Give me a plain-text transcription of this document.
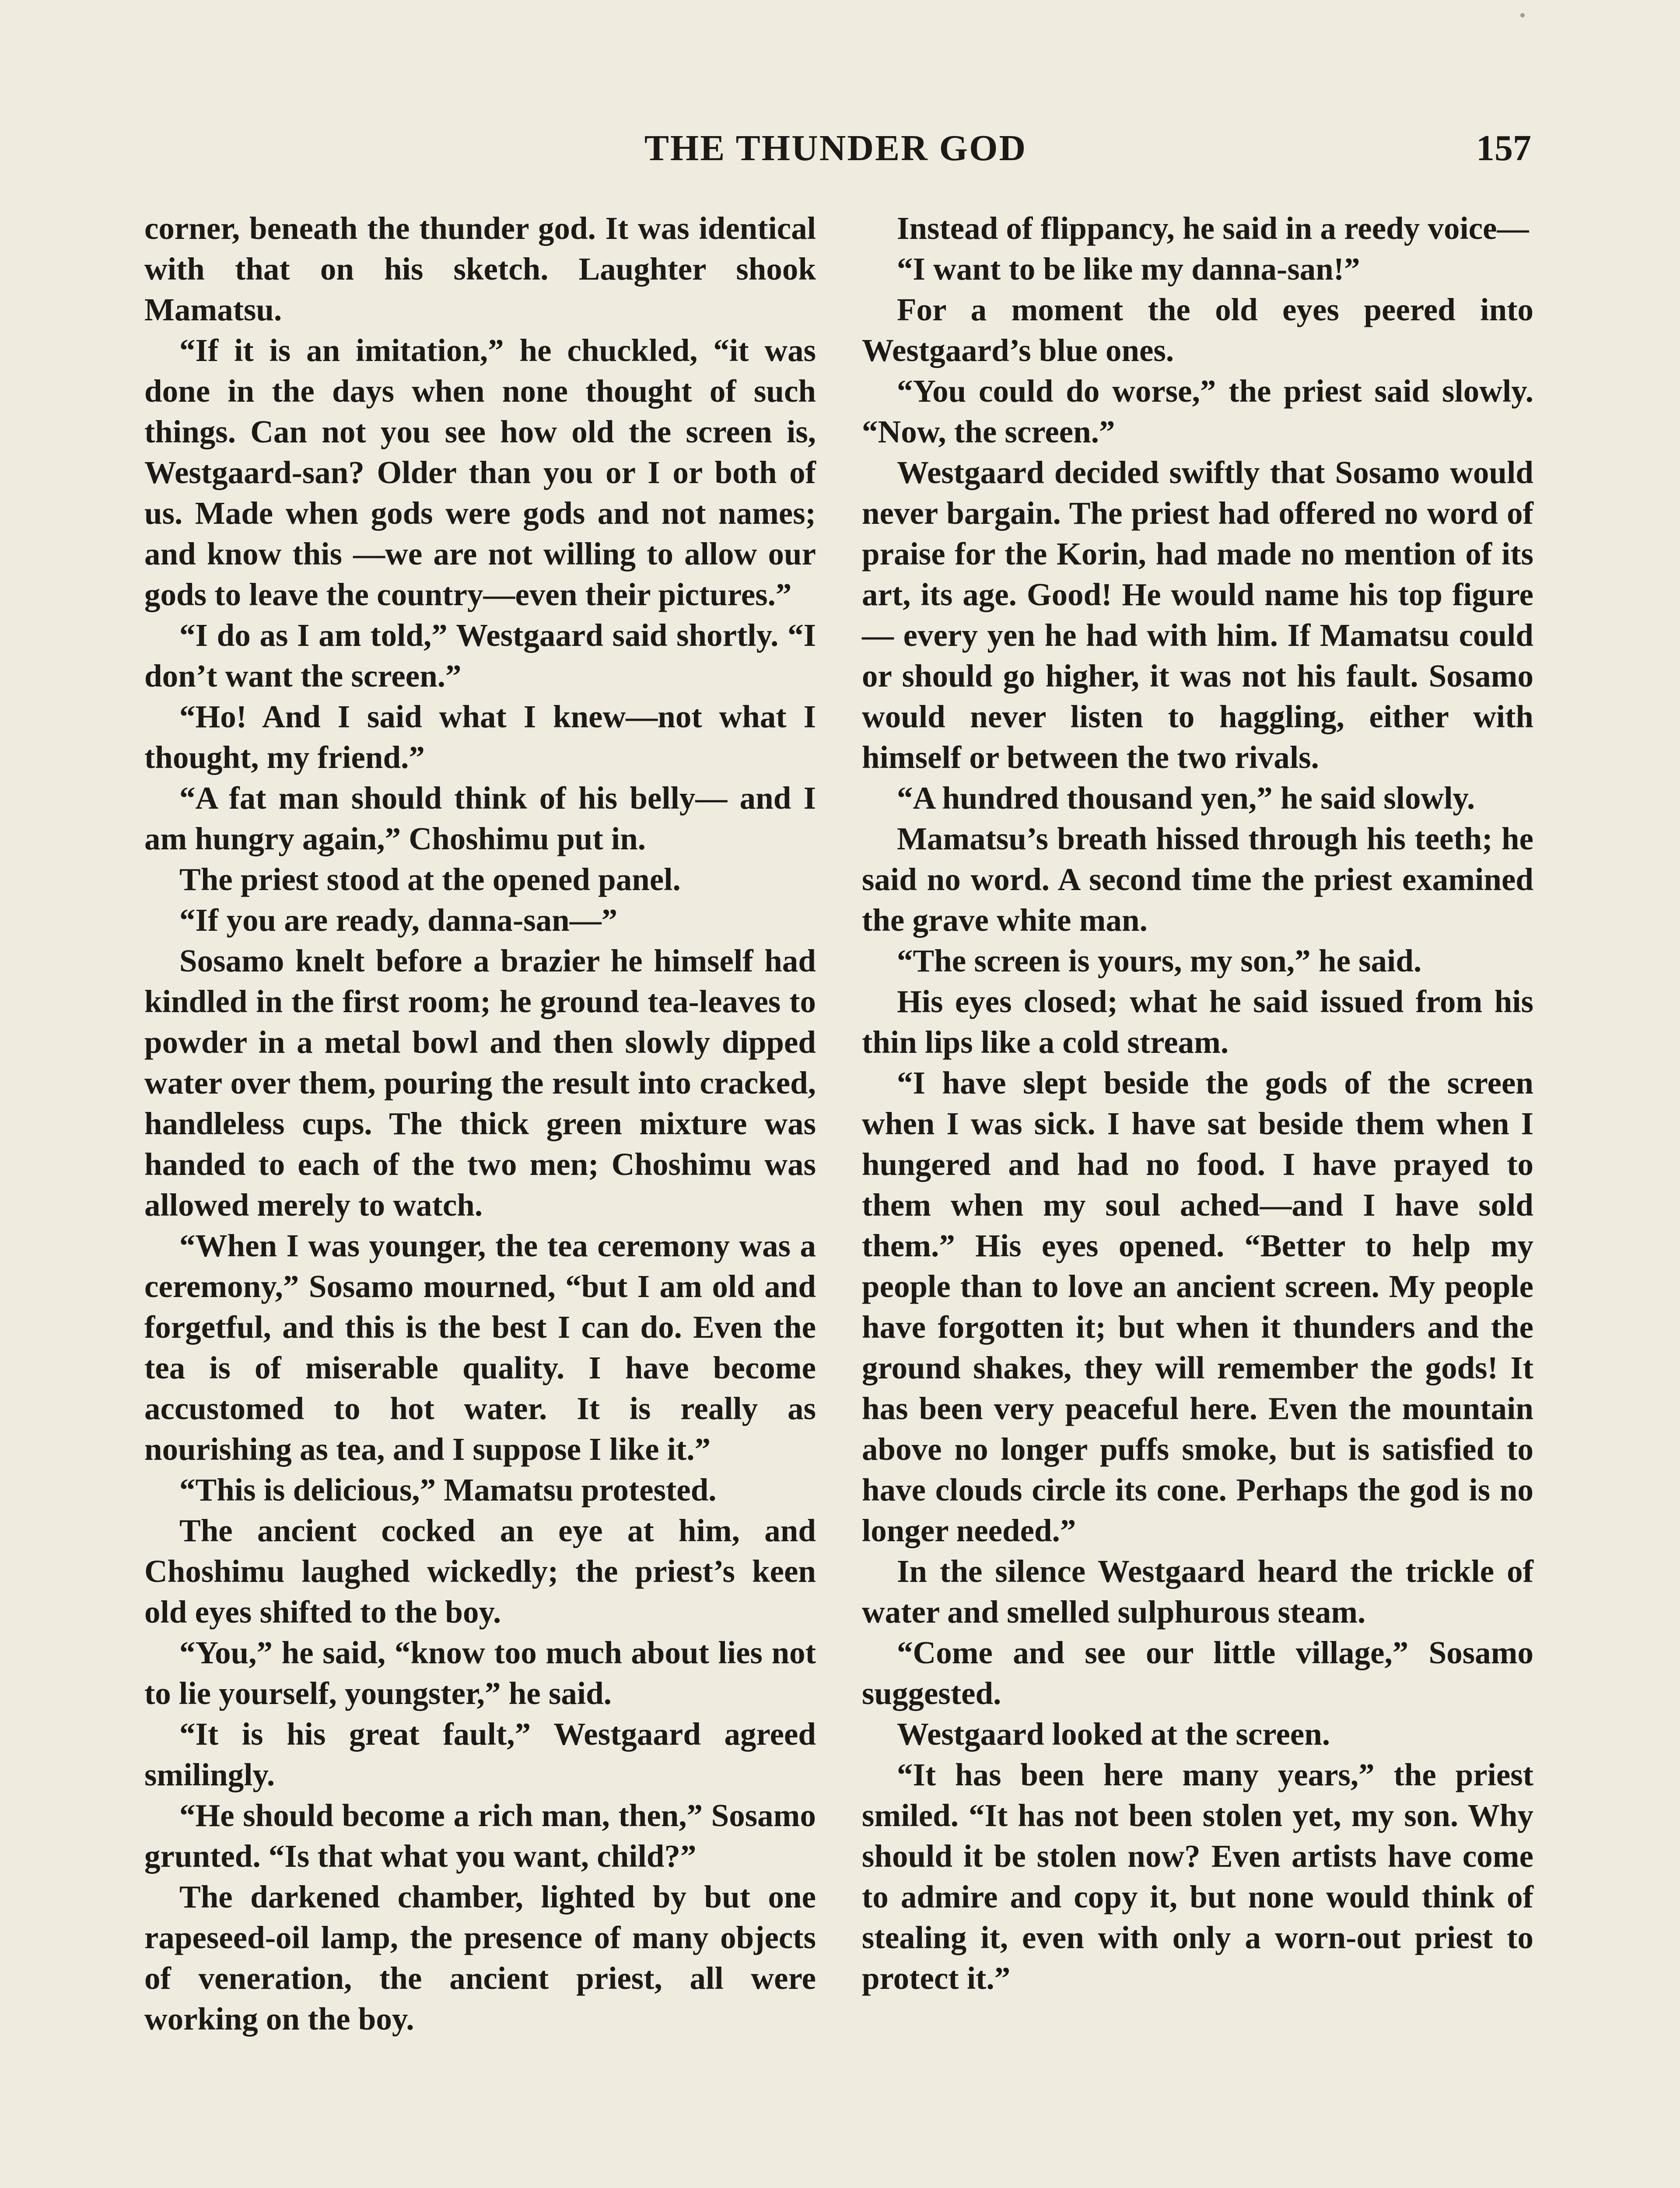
THE THUNDER GOD	157

corner, beneath the thunder god. It was identical with that on his sketch. Laughter shook Mamatsu.

“If it is an imitation,” he chuckled, “it was done in the days when none thought of such things. Can not you see how old the screen is, Westgaard-san? Older than you or I or both of us. Made when gods were gods and not names; and know this —we are not willing to allow our gods to leave the country—even their pictures.”

“I do as I am told,” Westgaard said shortly. “I don’t want the screen.”

“Ho! And I said what I knew—not what I thought, my friend.”

“A fat man should think of his belly— and I am hungry again,” Choshimu put in.

The priest stood at the opened panel.

“If you are ready, danna-san—”

Sosamo knelt before a brazier he himself had kindled in the first room; he ground tea-leaves to powder in a metal bowl and then slowly dipped water over them, pouring the result into cracked, handleless cups. The thick green mixture was handed to each of the two men; Choshimu was allowed merely to watch.

“When I was younger, the tea ceremony was a ceremony,” Sosamo mourned, “but I am old and forgetful, and this is the best I can do. Even the tea is of miserable quality. I have become accustomed to hot water. It is really as nourishing as tea, and I suppose I like it.”

“This is delicious,” Mamatsu protested.

The ancient cocked an eye at him, and Choshimu laughed wickedly; the priest’s keen old eyes shifted to the boy.

“You,” he said, “know too much about lies not to lie yourself, youngster,” he said.

“It is his great fault,” Westgaard agreed smilingly.

“He should become a rich man, then,” Sosamo grunted. “Is that what you want, child?”

The darkened chamber, lighted by but one rapeseed-oil lamp, the presence of many objects of veneration, the ancient priest, all were working on the boy.

Instead of flippancy, he said in a reedy voice—

“I want to be like my danna-san!”

For a moment the old eyes peered into Westgaard’s blue ones.

“You could do worse,” the priest said slowly. “Now, the screen.”

Westgaard decided swiftly that Sosamo would never bargain. The priest had offered no word of praise for the Korin, had made no mention of its art, its age. Good! He would name his top figure— every yen he had with him. If Mamatsu could or should go higher, it was not his fault. Sosamo would never listen to haggling, either with himself or between the two rivals.

“A hundred thousand yen,” he said slowly.

Mamatsu’s breath hissed through his teeth; he said no word. A second time the priest examined the grave white man.

“The screen is yours, my son,” he said.

His eyes closed; what he said issued from his thin lips like a cold stream.

“I have slept beside the gods of the screen when I was sick. I have sat beside them when I hungered and had no food. I have prayed to them when my soul ached—and I have sold them.” His eyes opened. “Better to help my people than to love an ancient screen. My people have forgotten it; but when it thunders and the ground shakes, they will remember the gods! It has been very peaceful here. Even the mountain above no longer puffs smoke, but is satisfied to have clouds circle its cone. Perhaps the god is no longer needed.”

In the silence Westgaard heard the trickle of water and smelled sulphurous steam.

“Come and see our little village,” Sosamo suggested.

Westgaard looked at the screen.

“It has been here many years,” the priest smiled. “It has not been stolen yet, my son. Why should it be stolen now? Even artists have come to admire and copy it, but none would think of stealing it, even with only a worn-out priest to protect it.”
